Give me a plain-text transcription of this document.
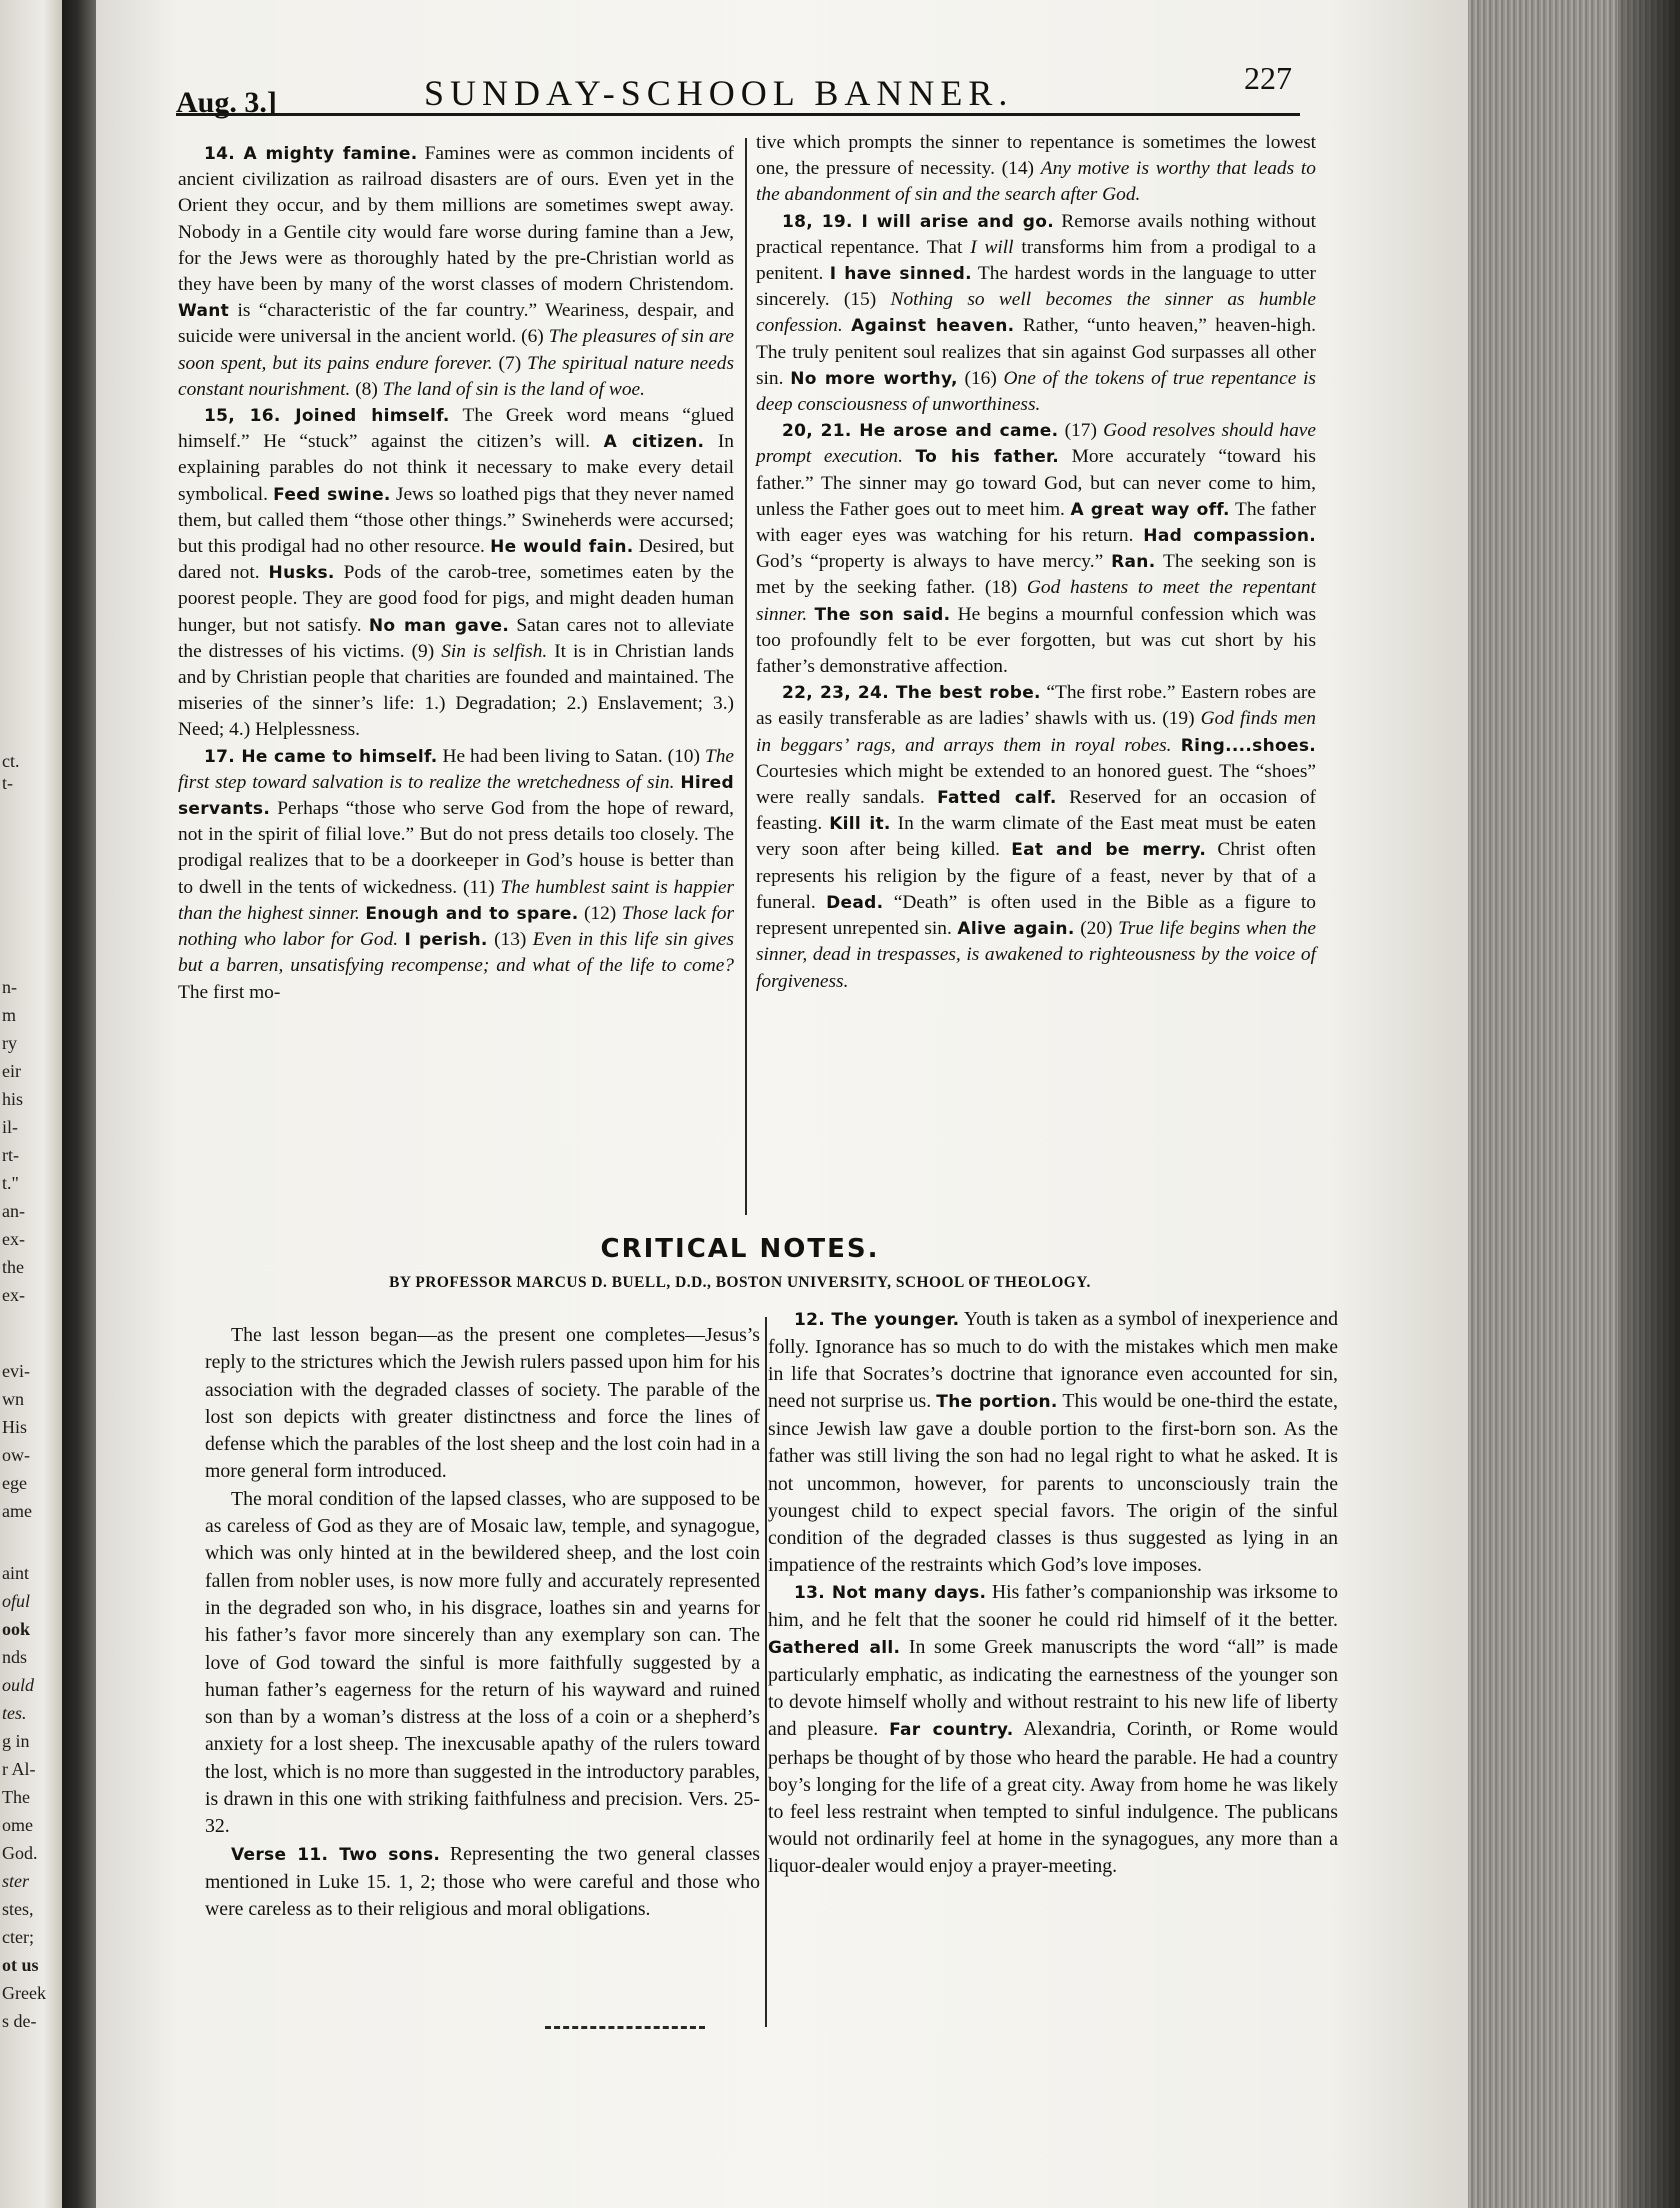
ct.
t-
n-
m
ry
eir
his
il-
rt-
t."
an-
ex-
the
ex-
evi-
wn
His
ow-
ege
ame
aint
oful
ook
nds
ould
tes.
g in
r Al-
The
ome
God.
ster
stes,
cter;
ot us
Greek
s de-
Aug. 3.]	SUNDAY-SCHOOL BANNER.	227

14. A mighty famine. Famines were as common incidents of ancient civilization as railroad disasters are of ours. Even yet in the Orient they occur, and by them millions are sometimes swept away. Nobody in a Gentile city would fare worse during famine than a Jew, for the Jews were as thoroughly hated by the pre-Christian world as they have been by many of the worst classes of modern Christendom. Want is “characteristic of the far country.” Weariness, despair, and suicide were universal in the ancient world. (6) The pleasures of sin are soon spent, but its pains endure forever. (7) The spiritual nature needs constant nourishment. (8) The land of sin is the land of woe.

15, 16. Joined himself. The Greek word means “glued himself.” He “stuck” against the citizen’s will. A citizen. In explaining parables do not think it necessary to make every detail symbolical. Feed swine. Jews so loathed pigs that they never named them, but called them “those other things.” Swineherds were accursed; but this prodigal had no other resource. He would fain. Desired, but dared not. Husks. Pods of the carob-tree, sometimes eaten by the poorest people. They are good food for pigs, and might deaden human hunger, but not satisfy. No man gave. Satan cares not to alleviate the distresses of his victims. (9) Sin is selfish. It is in Christian lands and by Christian people that charities are founded and maintained. The miseries of the sinner’s life: 1.) Degradation; 2.) Enslavement; 3.) Need; 4.) Helplessness.

17. He came to himself. He had been living to Satan. (10) The first step toward salvation is to realize the wretchedness of sin. Hired servants. Perhaps “those who serve God from the hope of reward, not in the spirit of filial love.” But do not press details too closely. The prodigal realizes that to be a doorkeeper in God’s house is better than to dwell in the tents of wickedness. (11) The humblest saint is happier than the highest sinner. Enough and to spare. (12) Those lack for nothing who labor for God. I perish. (13) Even in this life sin gives but a barren, unsatisfying recompense; and what of the life to come? The first mo-

tive which prompts the sinner to repentance is sometimes the lowest one, the pressure of necessity. (14) Any motive is worthy that leads to the abandonment of sin and the search after God.

18, 19. I will arise and go. Remorse avails nothing without practical repentance. That I will transforms him from a prodigal to a penitent. I have sinned. The hardest words in the language to utter sincerely. (15) Nothing so well becomes the sinner as humble confession. Against heaven. Rather, “unto heaven,” heaven-high. The truly penitent soul realizes that sin against God surpasses all other sin. No more worthy, (16) One of the tokens of true repentance is deep consciousness of unworthiness.

20, 21. He arose and came. (17) Good resolves should have prompt execution. To his father. More accurately “toward his father.” The sinner may go toward God, but can never come to him, unless the Father goes out to meet him. A great way off. The father with eager eyes was watching for his return. Had compassion. God’s “property is always to have mercy.” Ran. The seeking son is met by the seeking father. (18) God hastens to meet the repentant sinner. The son said. He begins a mournful confession which was too profoundly felt to be ever forgotten, but was cut short by his father’s demonstrative affection.

22, 23, 24. The best robe. “The first robe.” Eastern robes are as easily transferable as are ladies’ shawls with us. (19) God finds men in beggars’ rags, and arrays them in royal robes. Ring....shoes. Courtesies which might be extended to an honored guest. The “shoes” were really sandals. Fatted calf. Reserved for an occasion of feasting. Kill it. In the warm climate of the East meat must be eaten very soon after being killed. Eat and be merry. Christ often represents his religion by the figure of a feast, never by that of a funeral. Dead. “Death” is often used in the Bible as a figure to represent unrepented sin. Alive again. (20) True life begins when the sinner, dead in trespasses, is awakened to righteousness by the voice of forgiveness.

CRITICAL NOTES.
BY PROFESSOR MARCUS D. BUELL, D.D., BOSTON UNIVERSITY, SCHOOL OF THEOLOGY.

The last lesson began—as the present one completes—Jesus’s reply to the strictures which the Jewish rulers passed upon him for his association with the degraded classes of society. The parable of the lost son depicts with greater distinctness and force the lines of defense which the parables of the lost sheep and the lost coin had in a more general form introduced.

The moral condition of the lapsed classes, who are supposed to be as careless of God as they are of Mosaic law, temple, and synagogue, which was only hinted at in the bewildered sheep, and the lost coin fallen from nobler uses, is now more fully and accurately represented in the degraded son who, in his disgrace, loathes sin and yearns for his father’s favor more sincerely than any exemplary son can. The love of God toward the sinful is more faithfully suggested by a human father’s eagerness for the return of his wayward and ruined son than by a woman’s distress at the loss of a coin or a shepherd’s anxiety for a lost sheep. The inexcusable apathy of the rulers toward the lost, which is no more than suggested in the introductory parables, is drawn in this one with striking faithfulness and precision. Vers. 25-32.

Verse 11. Two sons. Representing the two general classes mentioned in Luke 15. 1, 2; those who were careful and those who were careless as to their religious and moral obligations.

12. The younger. Youth is taken as a symbol of inexperience and folly. Ignorance has so much to do with the mistakes which men make in life that Socrates’s doctrine that ignorance even accounted for sin, need not surprise us. The portion. This would be one-third the estate, since Jewish law gave a double portion to the first-born son. As the father was still living the son had no legal right to what he asked. It is not uncommon, however, for parents to unconsciously train the youngest child to expect special favors. The origin of the sinful condition of the degraded classes is thus suggested as lying in an impatience of the restraints which God’s love imposes.

13. Not many days. His father’s companionship was irksome to him, and he felt that the sooner he could rid himself of it the better. Gathered all. In some Greek manuscripts the word “all” is made particularly emphatic, as indicating the earnestness of the younger son to devote himself wholly and without restraint to his new life of liberty and pleasure. Far country. Alexandria, Corinth, or Rome would perhaps be thought of by those who heard the parable. He had a country boy’s longing for the life of a great city. Away from home he was likely to feel less restraint when tempted to sinful indulgence. The publicans would not ordinarily feel at home in the synagogues, any more than a liquor-dealer would enjoy a prayer-meeting.
